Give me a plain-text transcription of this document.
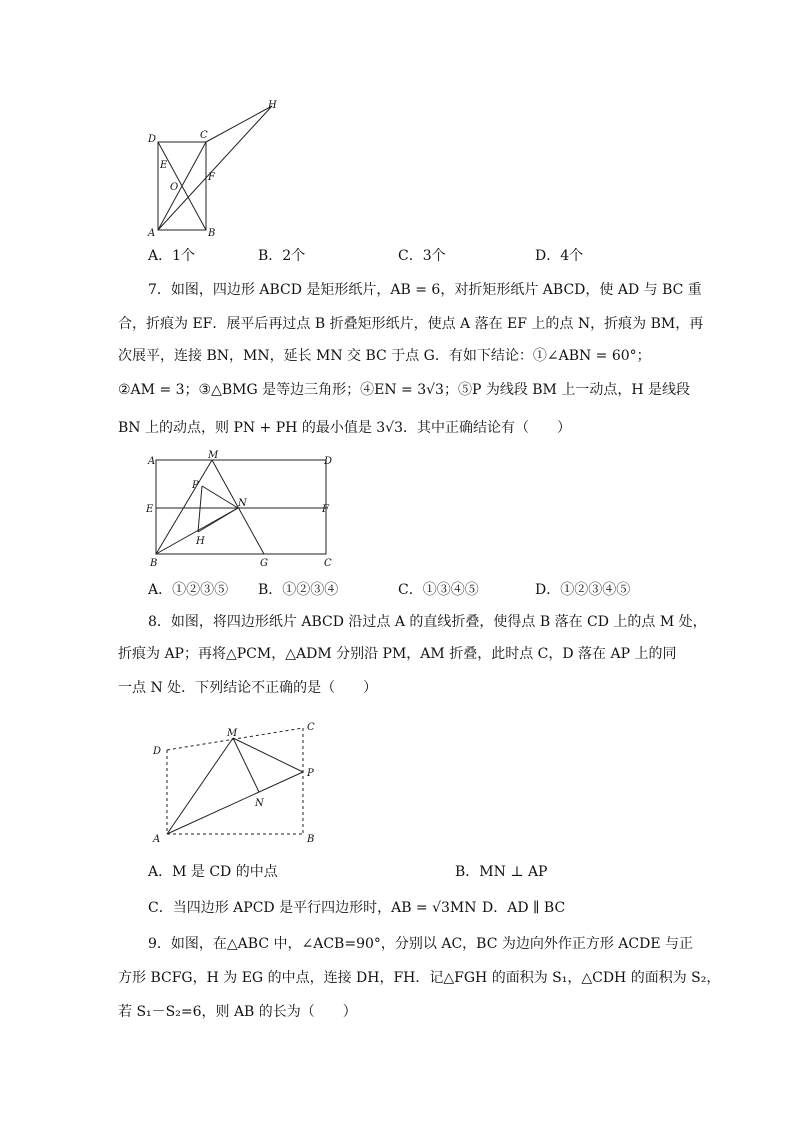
H
D	C
E
F
O
A	B
A．1个	B．2个	C．3个	D．4个
7．如图，四边形 ABCD 是矩形纸片，AB = 6，对折矩形纸片 ABCD，使 AD 与 BC 重
合，折痕为 EF．展平后再过点 B 折叠矩形纸片，使点 A 落在 EF 上的点 N，折痕为 BM，再
次展平，连接 BN，MN，延长 MN 交 BC 于点 G．有如下结论：①∠ABN = 60°；
②AM = 3；③△BMG 是等边三角形；④EN = 3√3；⑤P 为线段 BM 上一动点，H 是线段
BN 上的动点，则 PN + PH 的最小值是 3√3．其中正确结论有（　　）
A
M
D
P
E
N
F
H
B	G	C
A．①②③⑤ B．①②③④	C．①③④⑤	D．①②③④⑤
8．如图，将四边形纸片 ABCD 沿过点 A 的直线折叠，使得点 B 落在 CD 上的点 M 处，
折痕为 AP；再将△PCM，△ADM 分别沿 PM，AM 折叠，此时点 C，D 落在 AP 上的同
一点 N 处．下列结论不正确的是（　　）
D
M
C
P
N
A	B
A．M 是 CD 的中点	B．MN ⊥ AP
C．当四边形 APCD 是平行四边形时，AB = √3MN D．AD ∥ BC
9．如图，在△ABC 中，∠ACB=90°，分别以 AC，BC 为边向外作正方形 ACDE 与正
方形 BCFG，H 为 EG 的中点，连接 DH，FH．记△FGH 的面积为 S₁，△CDH 的面积为 S₂，
若 S₁－S₂=6，则 AB 的长为（　　）
